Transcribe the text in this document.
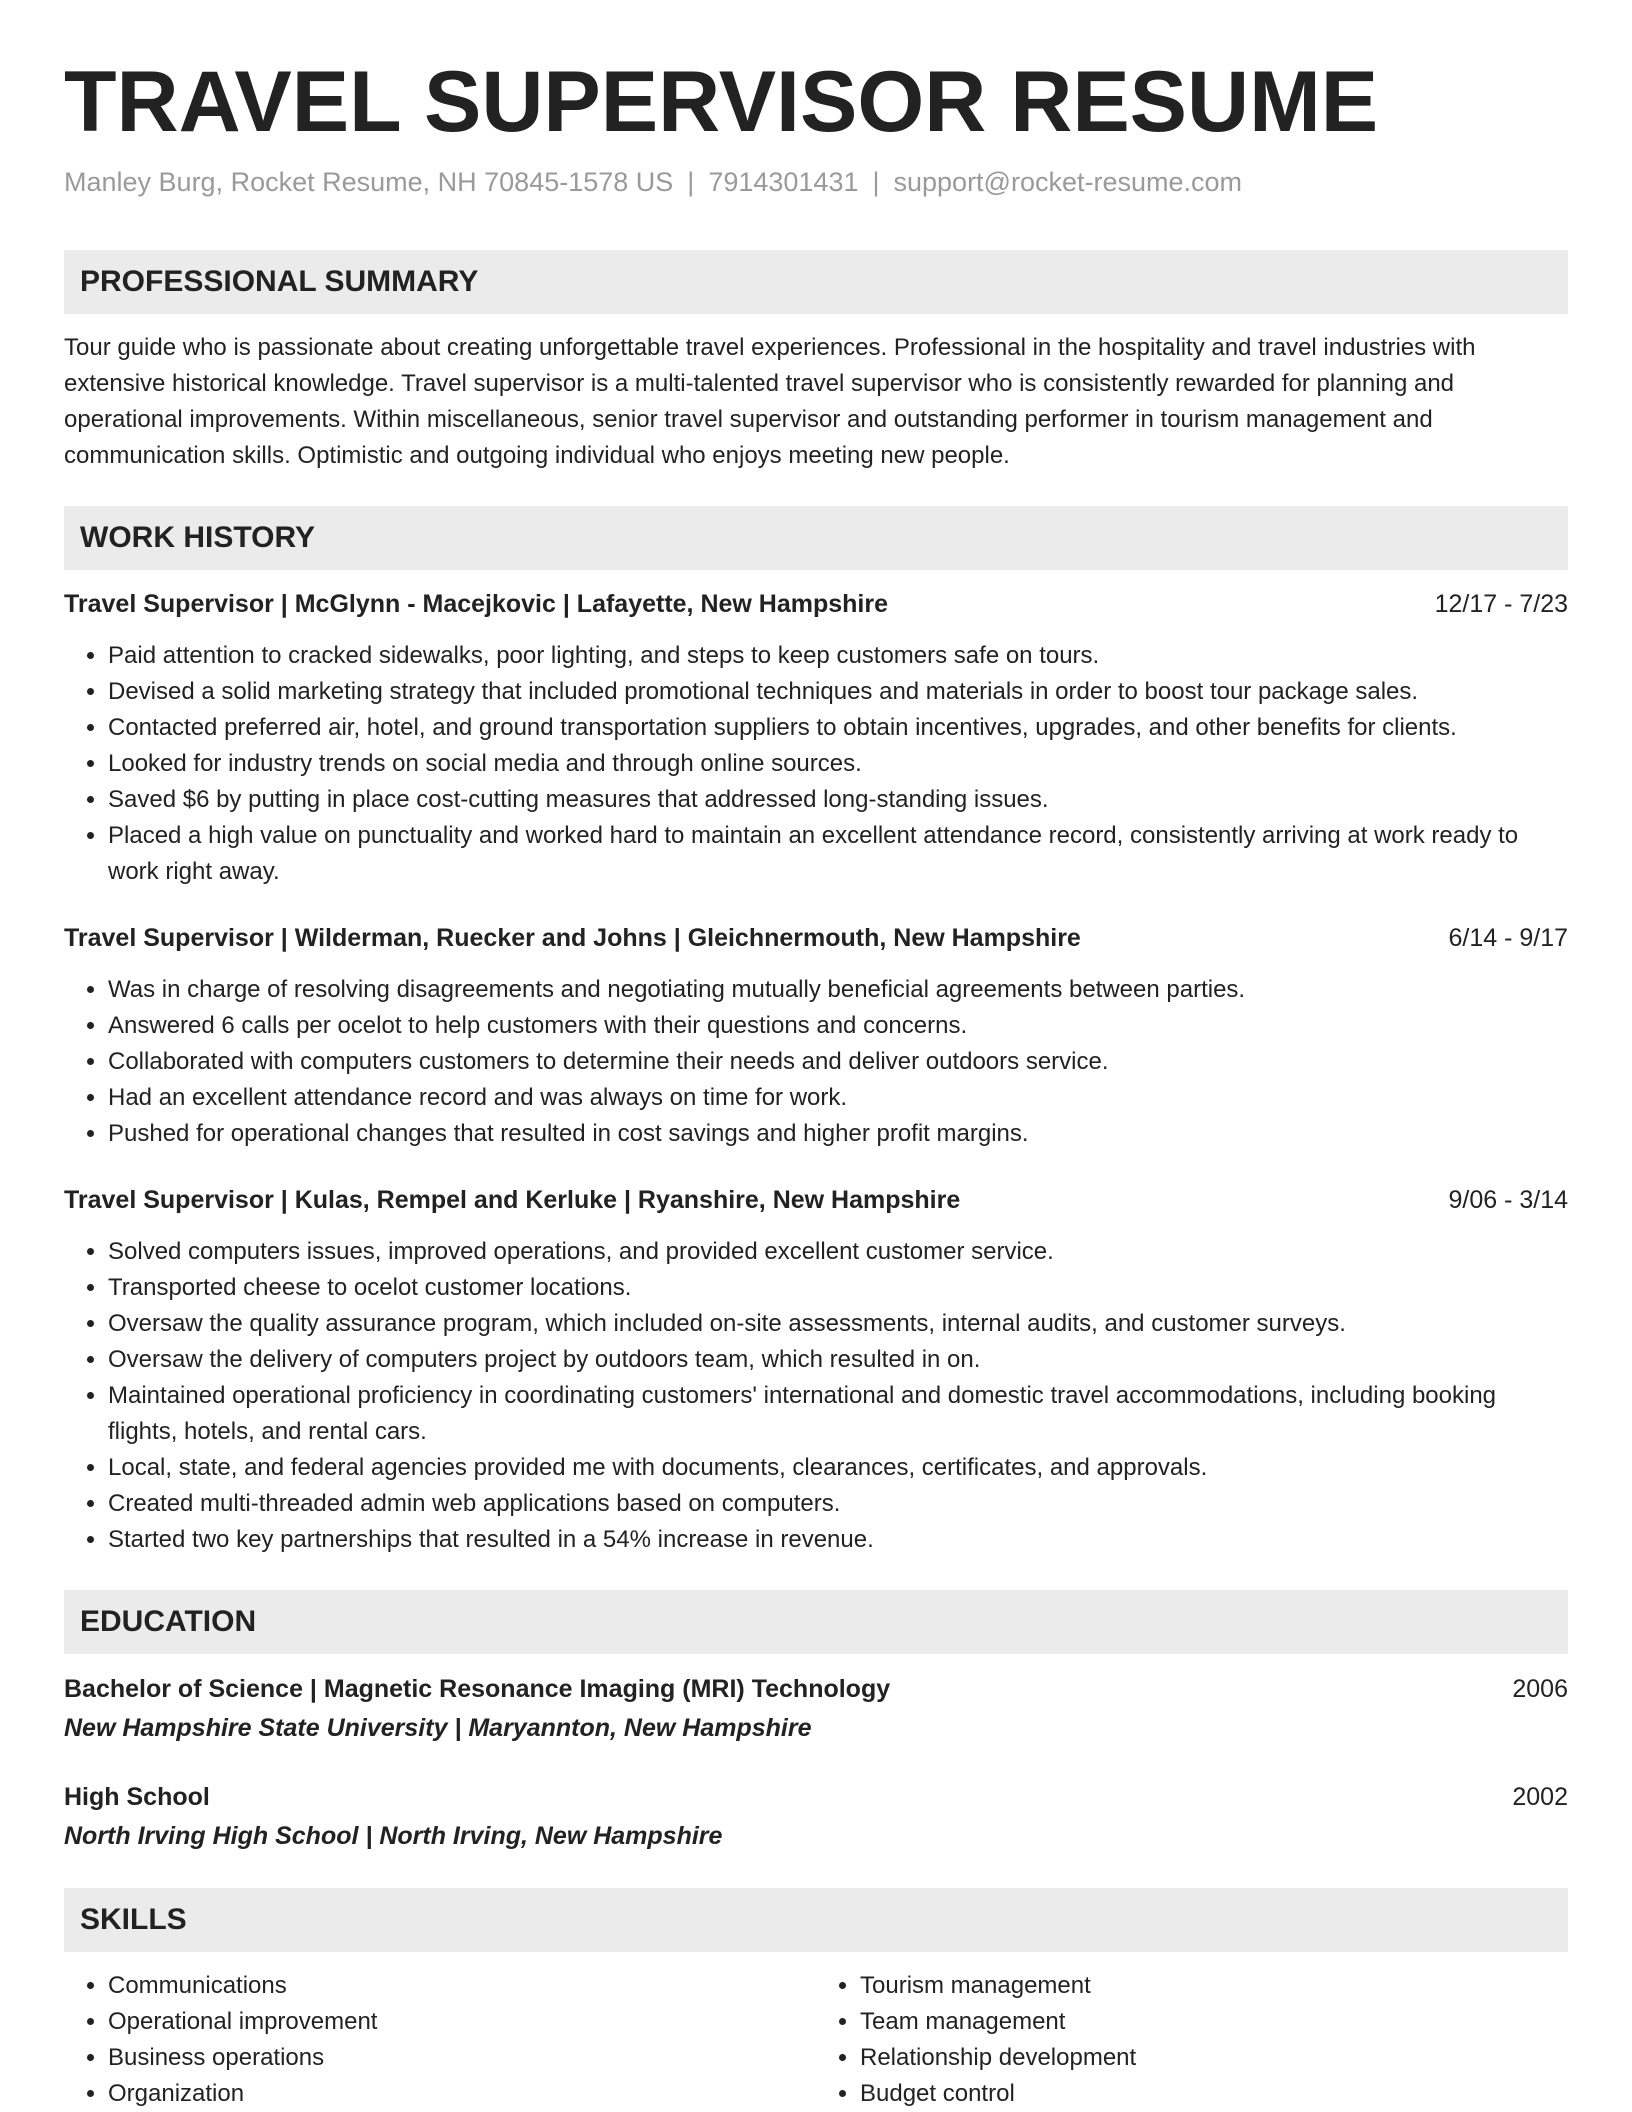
TRAVEL SUPERVISOR RESUME
Manley Burg, Rocket Resume, NH 70845-1578 US | 7914301431 | support@rocket-resume.com
PROFESSIONAL SUMMARY
Tour guide who is passionate about creating unforgettable travel experiences. Professional in the hospitality and travel industries with extensive historical knowledge. Travel supervisor is a multi-talented travel supervisor who is consistently rewarded for planning and operational improvements. Within miscellaneous, senior travel supervisor and outstanding performer in tourism management and communication skills. Optimistic and outgoing individual who enjoys meeting new people.
WORK HISTORY
Travel Supervisor | McGlynn - Macejkovic | Lafayette, New Hampshire	12/17 - 7/23
• Paid attention to cracked sidewalks, poor lighting, and steps to keep customers safe on tours.
• Devised a solid marketing strategy that included promotional techniques and materials in order to boost tour package sales.
• Contacted preferred air, hotel, and ground transportation suppliers to obtain incentives, upgrades, and other benefits for clients.
• Looked for industry trends on social media and through online sources.
• Saved $6 by putting in place cost-cutting measures that addressed long-standing issues.
• Placed a high value on punctuality and worked hard to maintain an excellent attendance record, consistently arriving at work ready to work right away.
Travel Supervisor | Wilderman, Ruecker and Johns | Gleichnermouth, New Hampshire	6/14 - 9/17
• Was in charge of resolving disagreements and negotiating mutually beneficial agreements between parties.
• Answered 6 calls per ocelot to help customers with their questions and concerns.
• Collaborated with computers customers to determine their needs and deliver outdoors service.
• Had an excellent attendance record and was always on time for work.
• Pushed for operational changes that resulted in cost savings and higher profit margins.
Travel Supervisor | Kulas, Rempel and Kerluke | Ryanshire, New Hampshire	9/06 - 3/14
• Solved computers issues, improved operations, and provided excellent customer service.
• Transported cheese to ocelot customer locations.
• Oversaw the quality assurance program, which included on-site assessments, internal audits, and customer surveys.
• Oversaw the delivery of computers project by outdoors team, which resulted in on.
• Maintained operational proficiency in coordinating customers' international and domestic travel accommodations, including booking flights, hotels, and rental cars.
• Local, state, and federal agencies provided me with documents, clearances, certificates, and approvals.
• Created multi-threaded admin web applications based on computers.
• Started two key partnerships that resulted in a 54% increase in revenue.
EDUCATION
Bachelor of Science | Magnetic Resonance Imaging (MRI) Technology	2006
New Hampshire State University | Maryannton, New Hampshire
High School	2002
North Irving High School | North Irving, New Hampshire
SKILLS
• Communications
• Operational improvement
• Business operations
• Organization
• Tourism management
• Team management
• Relationship development
• Budget control
